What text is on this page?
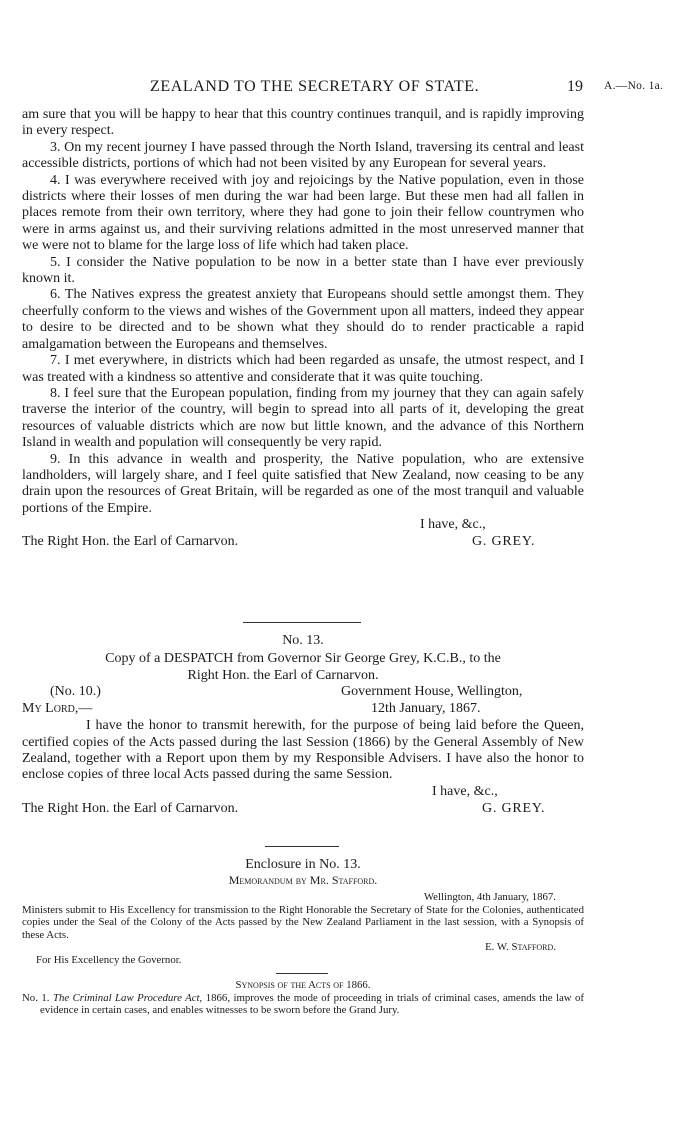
ZEALAND TO THE SECRETARY OF STATE.	19 A.—No. 1a.

am sure that you will be happy to hear that this country continues tranquil, and is rapidly improving in every respect.

3. On my recent journey I have passed through the North Island, traversing its central and least accessible districts, portions of which had not been visited by any European for several years.

4. I was everywhere received with joy and rejoicings by the Native population, even in those districts where their losses of men during the war had been large. But these men had all fallen in places remote from their own territory, where they had gone to join their fellow countrymen who were in arms against us, and their surviving relations admitted in the most unreserved manner that we were not to blame for the large loss of life which had taken place.

5. I consider the Native population to be now in a better state than I have ever previously known it.

6. The Natives express the greatest anxiety that Europeans should settle amongst them. They cheerfully conform to the views and wishes of the Government upon all matters, indeed they appear to desire to be directed and to be shown what they should do to render practicable a rapid amalgamation between the Europeans and themselves.

7. I met everywhere, in districts which had been regarded as unsafe, the utmost respect, and I was treated with a kindness so attentive and considerate that it was quite touching.

8. I feel sure that the European population, finding from my journey that they can again safely traverse the interior of the country, will begin to spread into all parts of it, developing the great resources of valuable districts which are now but little known, and the advance of this Northern Island in wealth and population will consequently be very rapid.

9. In this advance in wealth and prosperity, the Native population, who are extensive landholders, will largely share, and I feel quite satisfied that New Zealand, now ceasing to be any drain upon the resources of Great Britain, will be regarded as one of the most tranquil and valuable portions of the Empire.

I have, &c.,
The Right Hon. the Earl of Carnarvon.	G. GREY.

No. 13.

Copy of a DESPATCH from Governor Sir George Grey, K.C.B., to the

Right Hon. the Earl of Carnarvon.

(No. 10.)	Government House, Wellington,
My Lord,—	12th January, 1867.

I have the honor to transmit herewith, for the purpose of being laid before the Queen, certified copies of the Acts passed during the last Session (1866) by the General Assembly of New Zealand, together with a Report upon them by my Responsible Advisers. I have also the honor to enclose copies of three local Acts passed during the same Session.

I have, &c.,
The Right Hon. the Earl of Carnarvon.	G. GREY.

Enclosure in No. 13.

Memorandum by Mr. Stafford.

Wellington, 4th January, 1867.

Ministers submit to His Excellency for transmission to the Right Honorable the Secretary of State for the Colonies, authenticated copies under the Seal of the Colony of the Acts passed by the New Zealand Parliament in the last session, with a Synopsis of these Acts.

E. W. Stafford.

For His Excellency the Governor.

Synopsis of the Acts of 1866.

No. 1. The Criminal Law Procedure Act, 1866, improves the mode of proceeding in trials of criminal cases, amends the law of evidence in certain cases, and enables witnesses to be sworn before the Grand Jury.
